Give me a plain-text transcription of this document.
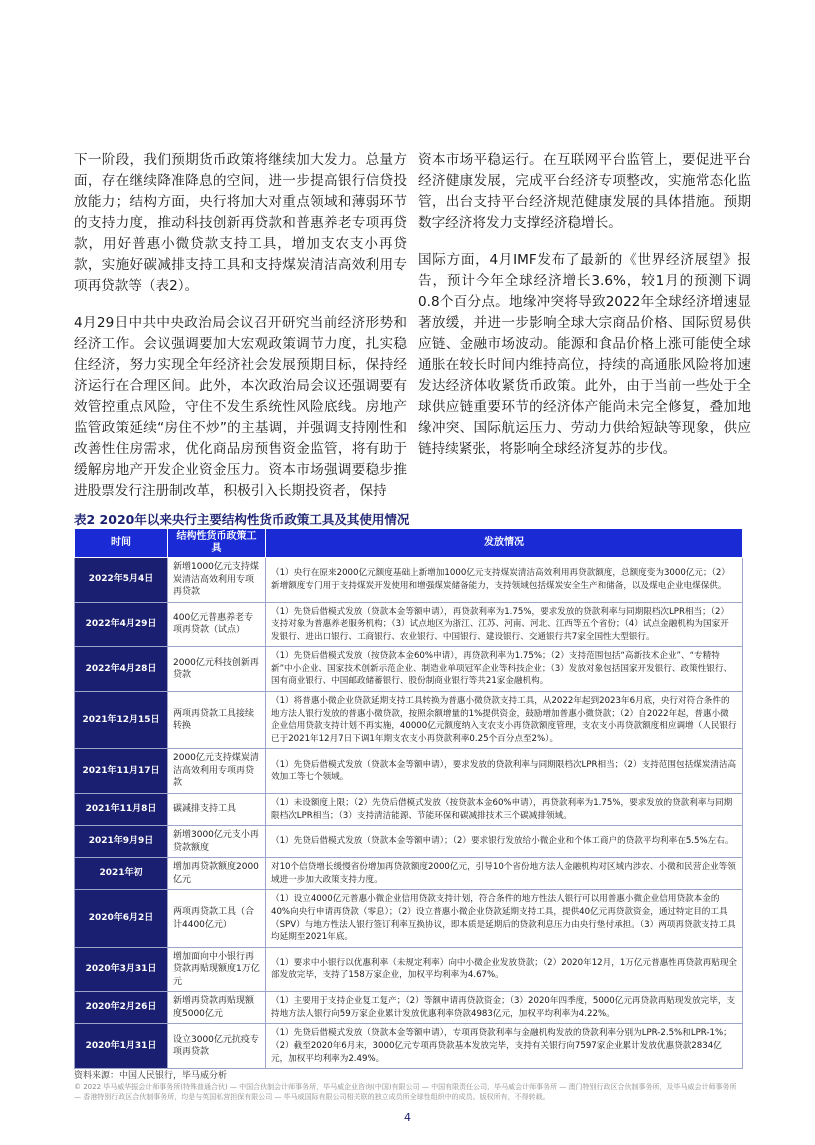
下一阶段，我们预期货币政策将继续加大发力。总量方面，存在继续降准降息的空间，进一步提高银行信贷投放能力；结构方面，央行将加大对重点领域和薄弱环节的支持力度，推动科技创新再贷款和普惠养老专项再贷款，用好普惠小微贷款支持工具，增加支农支小再贷款，实施好碳减排支持工具和支持煤炭清洁高效利用专项再贷款等（表2）。

4月29日中共中央政治局会议召开研究当前经济形势和经济工作。会议强调要加大宏观政策调节力度，扎实稳住经济，努力实现全年经济社会发展预期目标，保持经济运行在合理区间。此外，本次政治局会议还强调要有效管控重点风险，守住不发生系统性风险底线。房地产监管政策延续“房住不炒”的主基调，并强调支持刚性和改善性住房需求，优化商品房预售资金监管，将有助于缓解房地产开发企业资金压力。资本市场强调要稳步推进股票发行注册制改革，积极引入长期投资者，保持

资本市场平稳运行。在互联网平台监管上，要促进平台经济健康发展，完成平台经济专项整改，实施常态化监管，出台支持平台经济规范健康发展的具体措施。预期数字经济将发力支撑经济稳增长。

国际方面，4月IMF发布了最新的《世界经济展望》报告，预计今年全球经济增长3.6%，较1月的预测下调0.8个百分点。地缘冲突将导致2022年全球经济增速显著放缓，并进一步影响全球大宗商品价格、国际贸易供应链、金融市场波动。能源和食品价格上涨可能使全球通胀在较长时间内维持高位，持续的高通胀风险将加速发达经济体收紧货币政策。此外，由于当前一些处于全球供应链重要环节的经济体产能尚未完全修复，叠加地缘冲突、国际航运压力、劳动力供给短缺等现象，供应链持续紧张，将影响全球经济复苏的步伐。

表2 2020年以来央行主要结构性货币政策工具及其使用情况
时间	结构性货币政策工具	发放情况
2022年5月4日	新增1000亿元支持煤炭清洁高效利用专项再贷款	（1）央行在原来2000亿元额度基础上新增加1000亿元支持煤炭清洁高效利用再贷款额度，总额度变为3000亿元；（2）新增额度专门用于支持煤炭开发使用和增强煤炭储备能力，支持领域包括煤炭安全生产和储备，以及煤电企业电煤保供。
2022年4月29日	400亿元普惠养老专项再贷款（试点）	（1）先贷后借模式发放（贷款本金等额申请），再贷款利率为1.75%，要求发放的贷款利率与同期限档次LPR相当；（2）支持对象为普惠养老服务机构；（3）试点地区为浙江、江苏、河南、河北、江西等五个省份；（4）试点金融机构为国家开发银行、进出口银行、工商银行、农业银行、中国银行、建设银行、交通银行共7家全国性大型银行。
2022年4月28日	2000亿元科技创新再贷款	（1）先贷后借模式发放（按贷款本金60%申请），再贷款利率为1.75%；（2）支持范围包括“高新技术企业”、“专精特新”中小企业、国家技术创新示范企业、制造业单项冠军企业等科技企业；（3）发放对象包括国家开发银行、政策性银行、国有商业银行、中国邮政储蓄银行、股份制商业银行等共21家金融机构。
2021年12月15日	两项再贷款工具接续转换	（1）将普惠小微企业贷款延期支持工具转换为普惠小微贷款支持工具，从2022年起到2023年6月底，央行对符合条件的地方法人银行发放的普惠小微贷款，按照余额增量的1%提供资金，鼓励增加普惠小微贷款；（2）自2022年起，普惠小微企业信用贷款支持计划不再实施，40000亿元额度纳入支农支小再贷款额度管理，支农支小再贷款额度相应调增（人民银行已于2021年12月7日下调1年期支农支小再贷款利率0.25个百分点至2%）。
2021年11月17日	2000亿元支持煤炭清洁高效利用专项再贷款	（1）先贷后借模式发放（贷款本金等额申请），要求发放的贷款利率与同期限档次LPR相当；（2）支持范围包括煤炭清洁高效加工等七个领域。
2021年11月8日	碳减排支持工具	（1）未设额度上限；（2）先贷后借模式发放（按贷款本金60%申请），再贷款利率为1.75%，要求发放的贷款利率与同期限档次LPR相当；（3）支持清洁能源、节能环保和碳减排技术三个碳减排领域。
2021年9月9日	新增3000亿元支小再贷款额度	（1）先贷后借模式发放（贷款本金等额申请）；（2）要求银行发放给小微企业和个体工商户的贷款平均利率在5.5%左右。
2021年初	增加再贷款额度2000亿元	对10个信贷增长缓慢省份增加再贷款额度2000亿元，引导10个省份地方法人金融机构对区域内涉农、小微和民营企业等领域进一步加大政策支持力度。
2020年6月2日	两项再贷款工具（合计4400亿元）	（1）设立4000亿元普惠小微企业信用贷款支持计划，符合条件的地方性法人银行可以用普惠小微企业信用贷款本金的40%向央行申请再贷款（零息）；（2）设立普惠小微企业贷款延期支持工具，提供40亿元再贷款资金，通过特定目的工具（SPV）与地方性法人银行签订利率互换协议，即本质是延期后的贷款利息压力由央行垫付承担。（3）两项再贷款支持工具均延期至2021年底。
2020年3月31日	增加面向中小银行再贷款再贴现额度1万亿元	（1）要求中小银行以优惠利率（未规定利率）向中小微企业发放贷款；（2）2020年12月，1万亿元普惠性再贷款再贴现全部发放完毕，支持了158万家企业，加权平均利率为4.67%。
2020年2月26日	新增再贷款再贴现额度5000亿元	（1）主要用于支持企业复工复产；（2）等额申请再贷款资金；（3）2020年四季度，5000亿元再贷款再贴现发放完毕，支持地方法人银行向59万家企业累计发放优惠利率贷款4983亿元，加权平均利率为4.22%。
2020年1月31日	设立3000亿元抗疫专项再贷款	（1）先贷后借模式发放（贷款本金等额申请），专项再贷款利率与金融机构发放的贷款利率分别为LPR-2.5%和LPR-1%；（2）截至2020年6月末，3000亿元专项再贷款基本发放完毕，支持有关银行向7597家企业累计发放优惠贷款2834亿元，加权平均利率为2.49%。
资料来源：中国人民银行，毕马威分析
© 2022 毕马威华振会计师事务所(特殊普通合伙) — 中国合伙制会计师事务所，毕马威企业咨询(中国)有限公司 — 中国有限责任公司，毕马威会计师事务所 — 澳门特别行政区合伙制事务所，及毕马威会计师事务所 — 香港特别行政区合伙制事务所，均是与英国私营担保有限公司 — 毕马威国际有限公司相关联的独立成员所全球性组织中的成员。版权所有，不得转载。
4
